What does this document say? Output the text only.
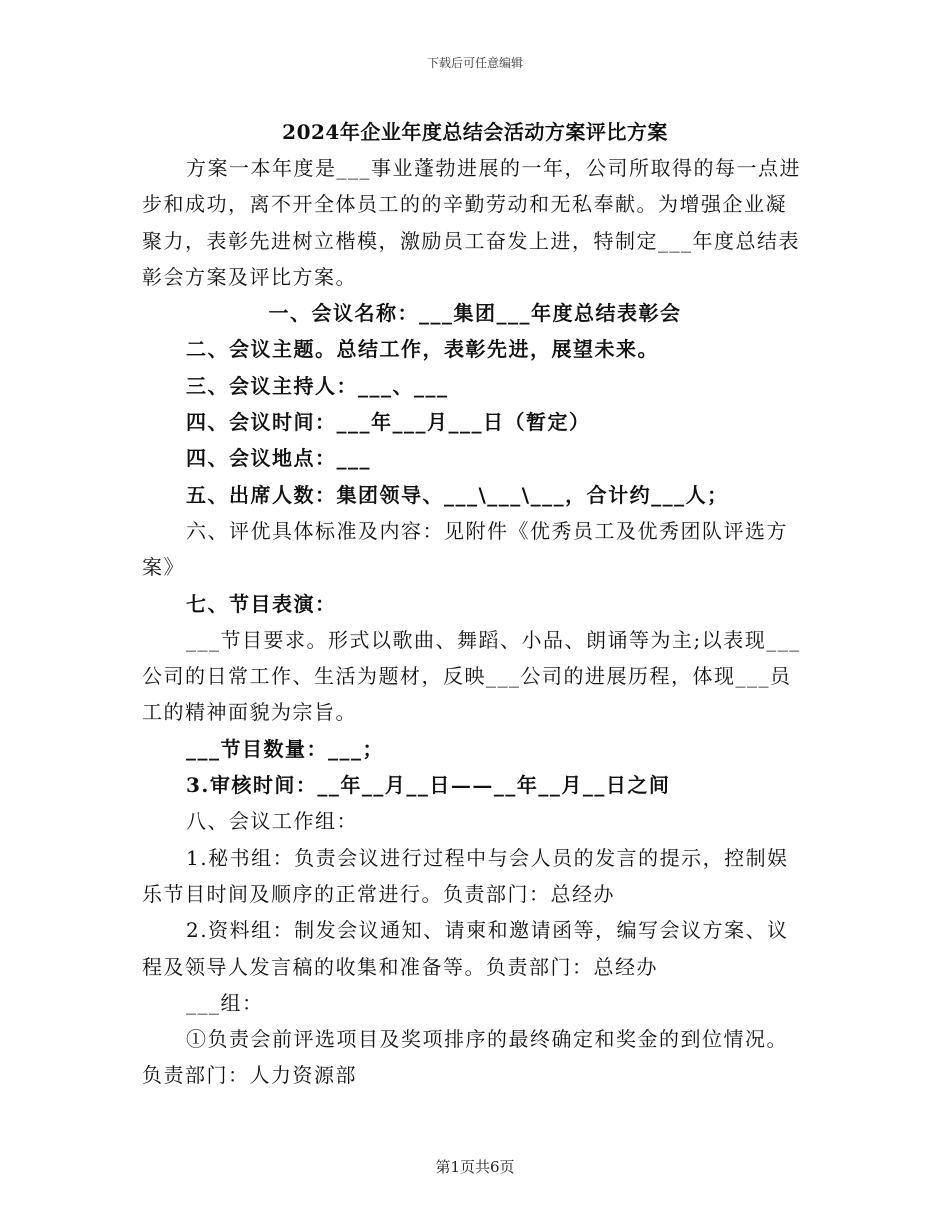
下载后可任意编辑
2024年企业年度总结会活动方案评比方案

方案一本年度是___事业蓬勃进展的一年，公司所取得的每一点进步和成功，离不开全体员工的的辛勤劳动和无私奉献。为增强企业凝聚力，表彰先进树立楷模，激励员工奋发上进，特制定___年度总结表彰会方案及评比方案。

一、会议名称：___集团___年度总结表彰会

二、会议主题。总结工作，表彰先进，展望未来。

三、会议主持人：___、___

四、会议时间：___年___月___日（暂定）

四、会议地点：___

五、出席人数：集团领导、___\___\___，合计约___人；

六、评优具体标准及内容：见附件《优秀员工及优秀团队评选方案》

七、节目表演：

___节目要求。形式以歌曲、舞蹈、小品、朗诵等为主;以表现___公司的日常工作、生活为题材，反映___公司的进展历程，体现___员工的精神面貌为宗旨。

___节目数量：___；

3.审核时间：__年__月__日——__年__月__日之间

八、会议工作组：

1.秘书组：负责会议进行过程中与会人员的发言的提示，控制娱乐节目时间及顺序的正常进行。负责部门：总经办

2.资料组：制发会议通知、请柬和邀请函等，编写会议方案、议程及领导人发言稿的收集和准备等。负责部门：总经办

___组：

①负责会前评选项目及奖项排序的最终确定和奖金的到位情况。负责部门：人力资源部

第1页共6页
